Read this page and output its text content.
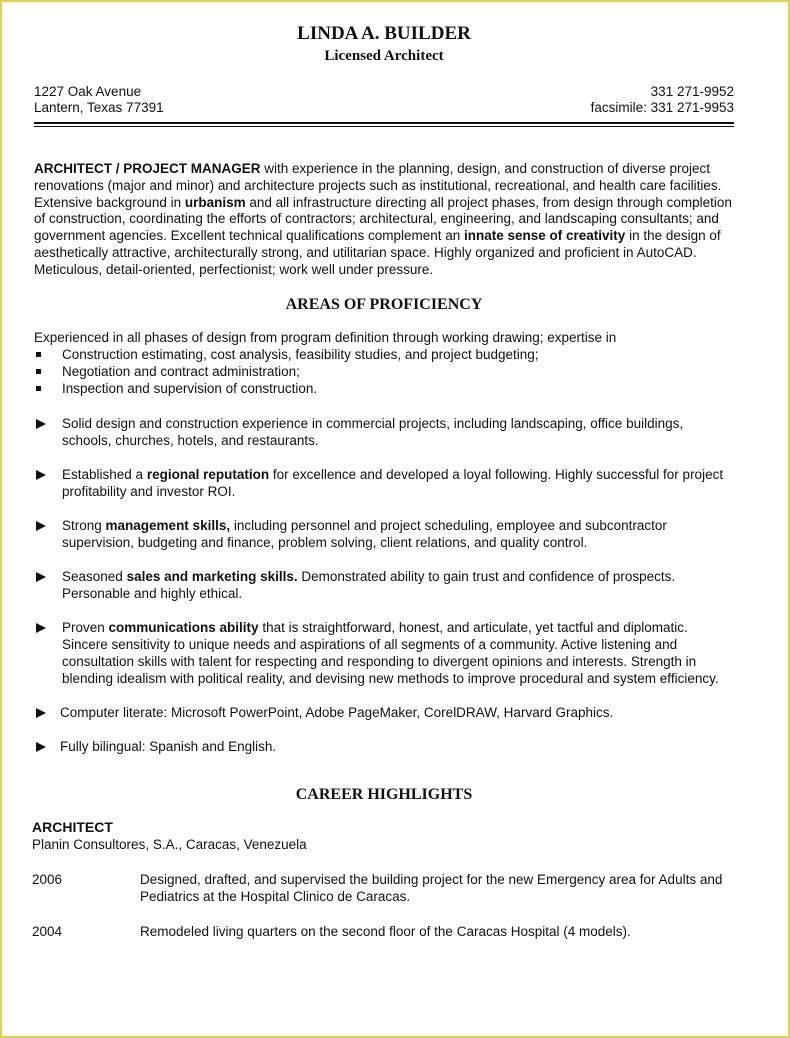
LINDA A. BUILDER
Licensed Architect
1227 Oak Avenue
Lantern, Texas 77391
331 271-9952
facsimile: 331 271-9953

ARCHITECT / PROJECT MANAGER with experience in the planning, design, and construction of diverse project renovations (major and minor) and architecture projects such as institutional, recreational, and health care facilities. Extensive background in urbanism and all infrastructure directing all project phases, from design through completion of construction, coordinating the efforts of contractors; architectural, engineering, and landscaping consultants; and government agencies. Excellent technical qualifications complement an innate sense of creativity in the design of aesthetically attractive, architecturally strong, and utilitarian space. Highly organized and proficient in AutoCAD. Meticulous, detail-oriented, perfectionist; work well under pressure.

AREAS OF PROFICIENCY
Experienced in all phases of design from program definition through working drawing; expertise in
Construction estimating, cost analysis, feasibility studies, and project budgeting;
Negotiation and contract administration;
Inspection and supervision of construction.
Solid design and construction experience in commercial projects, including landscaping, office buildings, schools, churches, hotels, and restaurants.
Established a regional reputation for excellence and developed a loyal following. Highly successful for project profitability and investor ROI.
Strong management skills, including personnel and project scheduling, employee and subcontractor supervision, budgeting and finance, problem solving, client relations, and quality control.
Seasoned sales and marketing skills. Demonstrated ability to gain trust and confidence of prospects. Personable and highly ethical.
Proven communications ability that is straightforward, honest, and articulate, yet tactful and diplomatic. Sincere sensitivity to unique needs and aspirations of all segments of a community. Active listening and consultation skills with talent for respecting and responding to divergent opinions and interests. Strength in blending idealism with political reality, and devising new methods to improve procedural and system efficiency.
Computer literate: Microsoft PowerPoint, Adobe PageMaker, CorelDRAW, Harvard Graphics.
Fully bilingual: Spanish and English.
CAREER HIGHLIGHTS
ARCHITECT
Planin Consultores, S.A., Caracas, Venezuela
2006	Designed, drafted, and supervised the building project for the new Emergency area for Adults and Pediatrics at the Hospital Clinico de Caracas.
2004	Remodeled living quarters on the second floor of the Caracas Hospital (4 models).
